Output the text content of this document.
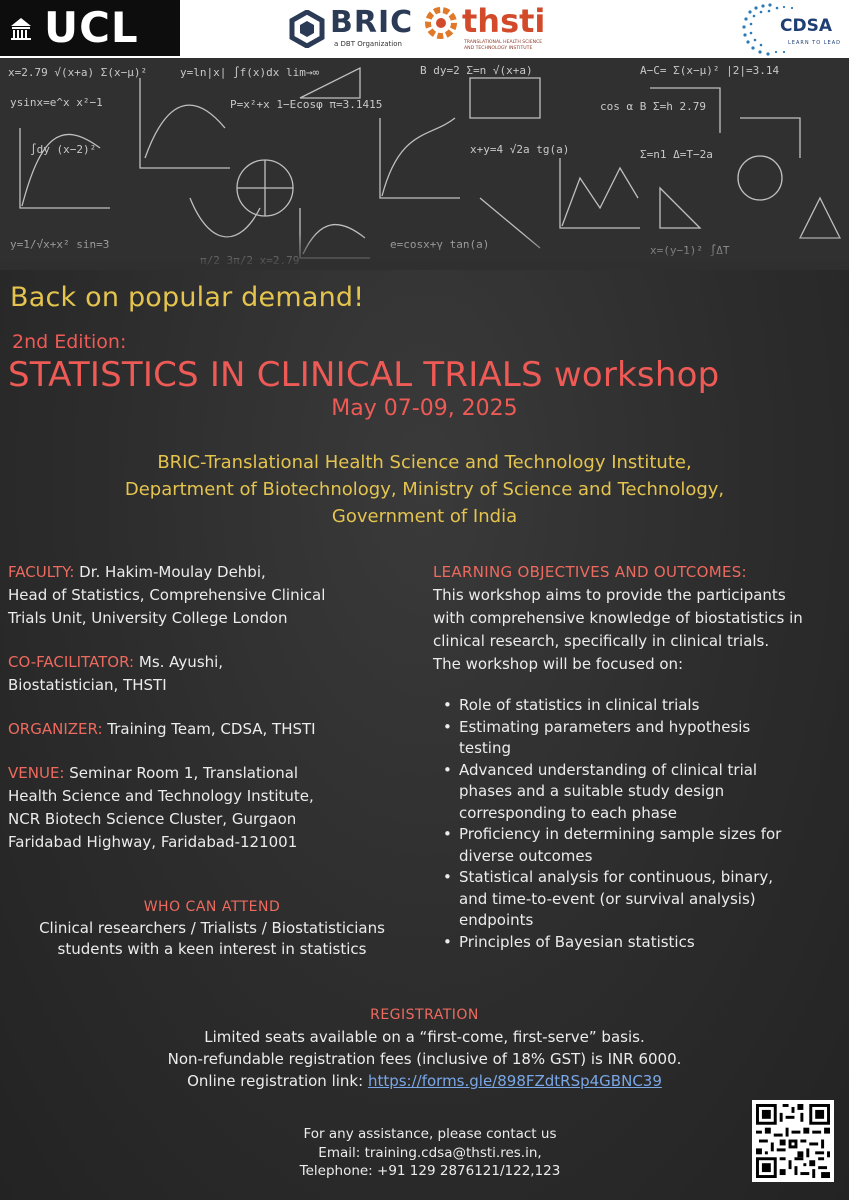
UCL	BRIC
a DBT Organization
thsti
TRANSLATIONAL HEALTH SCIENCE
AND TECHNOLOGY INSTITUTE
CDSA
LEARN TO LEAD
x=2.79 √(x+a) Σ(x−μ)²	y=ln|x| ∫f(x)dx lim→∞	B dy=2 Σ=n √(x+a)	A−C= Σ(x−μ)² |2|=3.14
ysinx=e^x x²−1	P=x²+x 1−Ecosφ π=3.1415	cos α B Σ=h 2.79
∫dy (x−2)²	x+y=4 √2a tg(a)	Σ=n1 Δ=T−2a
Back on popular demand!
2nd Edition:
STATISTICS IN CLINICAL TRIALS workshop
May 07-09, 2025
BRIC-Translational Health Science and Technology Institute,
Department of Biotechnology, Ministry of Science and Technology,
Government of India
FACULTY: Dr. Hakim-Moulay Dehbi,
Head of Statistics, Comprehensive Clinical
Trials Unit, University College London
CO-FACILITATOR: Ms. Ayushi,
Biostatistician, THSTI
ORGANIZER: Training Team, CDSA, THSTI
VENUE: Seminar Room 1, Translational
Health Science and Technology Institute,
NCR Biotech Science Cluster, Gurgaon
Faridabad Highway, Faridabad-121001
WHO CAN ATTEND
Clinical researchers / Trialists / Biostatisticians
students with a keen interest in statistics
LEARNING OBJECTIVES AND OUTCOMES:
This workshop aims to provide the participants
with comprehensive knowledge of biostatistics in
clinical research, specifically in clinical trials.
The workshop will be focused on:
• Role of statistics in clinical trials
• Estimating parameters and hypothesis
testing
• Advanced understanding of clinical trial
phases and a suitable study design
corresponding to each phase
• Proficiency in determining sample sizes for
diverse outcomes
• Statistical analysis for continuous, binary,
and time-to-event (or survival analysis)
endpoints
• Principles of Bayesian statistics
REGISTRATION
Limited seats available on a “first-come, first-serve” basis.
Non-refundable registration fees (inclusive of 18% GST) is INR 6000.
Online registration link: https://forms.gle/898FZdtRSp4GBNC39
For any assistance, please contact us
Email: training.cdsa@thsti.res.in,
Telephone: +91 129 2876121/122,123
